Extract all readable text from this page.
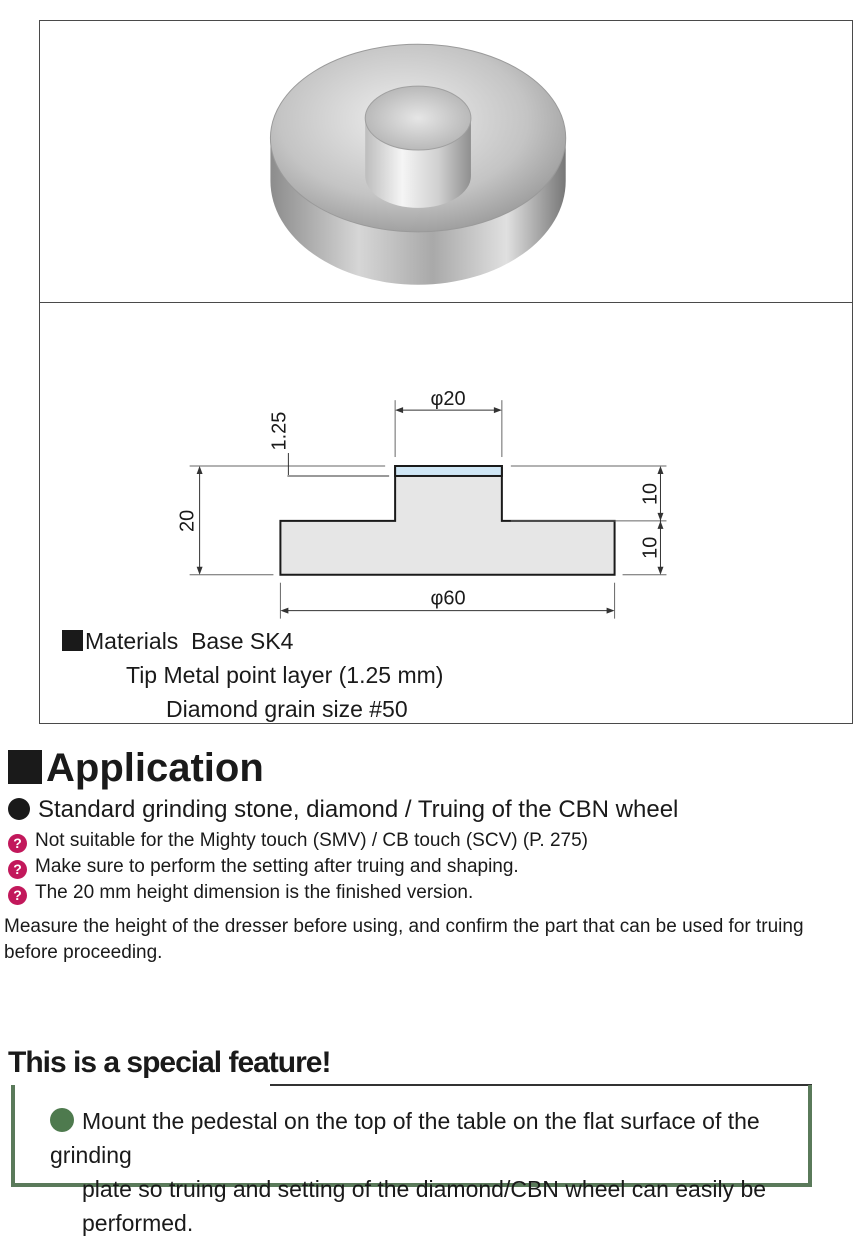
φ20
φ60
20
1.25
10
10
Materials Base SK4
Tip Metal point layer (1.25 mm)
Diamond grain size #50
Application
Standard grinding stone, diamond / Truing of the CBN wheel
? Not suitable for the Mighty touch (SMV) / CB touch (SCV) (P. 275)
? Make sure to perform the setting after truing and shaping.
? The 20 mm height dimension is the finished version.
Measure the height of the dresser before using, and confirm the part that can be used for truing before proceeding.
This is a special feature!
Mount the pedestal on the top of the table on the flat surface of the grinding
plate so truing and setting of the diamond/CBN wheel can easily be performed.
